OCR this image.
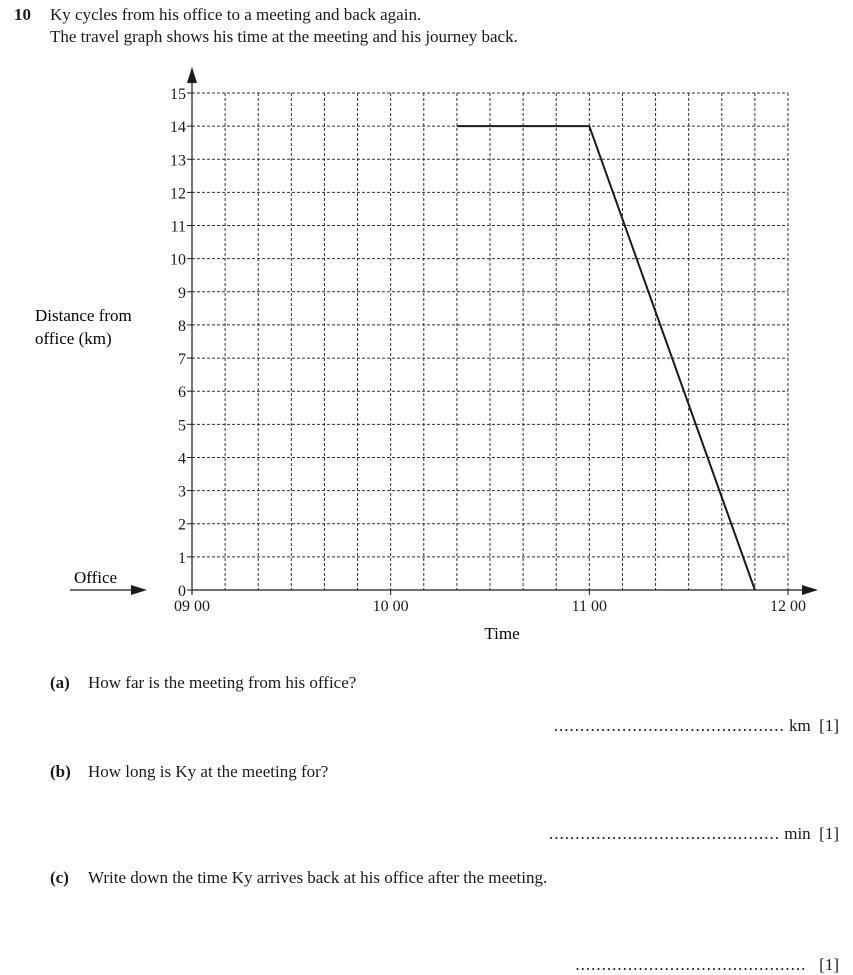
10 Ky cycles from his office to a meeting and back again.
The travel graph shows his time at the meeting and his journey back.
0
1
2
3
4
5
6
7
8
9
10
11
12
13
14
15
09 00	10 00	11 00	12 00
Time
Distance from
office (km)
Office
(a) How far is the meeting from his office?
............................................ km [1]
(b) How long is Ky at the meeting for?
............................................ min [1]
(c) Write down the time Ky arrives back at his office after the meeting.
............................................ [1]
